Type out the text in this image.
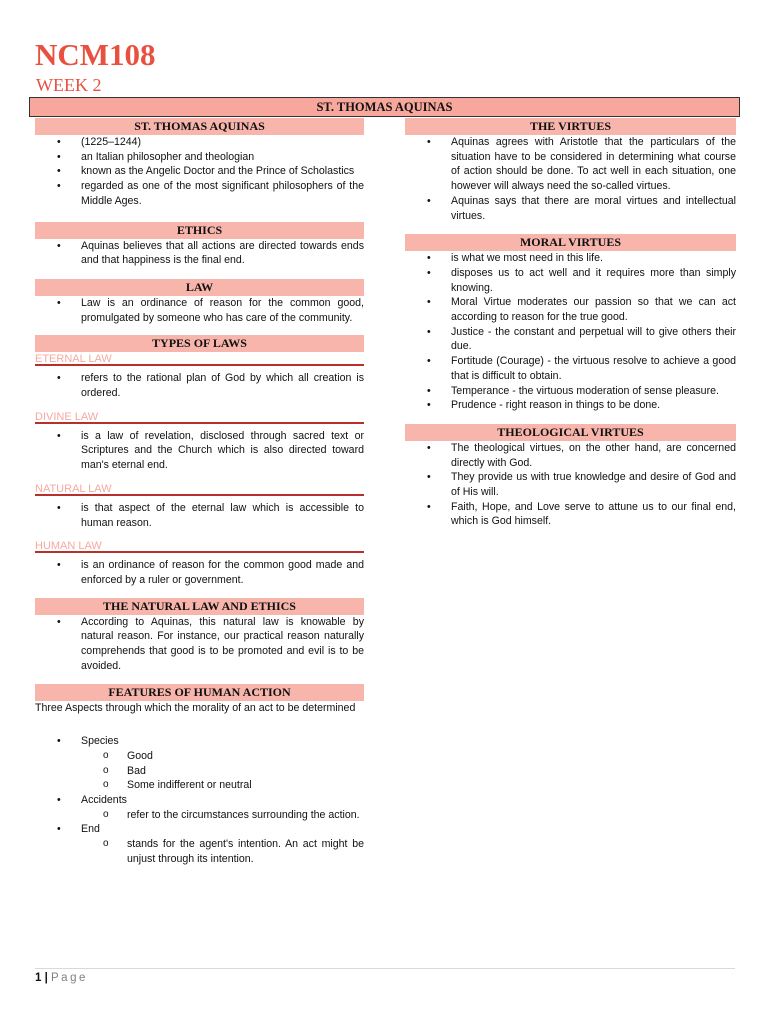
NCM108
WEEK 2
ST. THOMAS AQUINAS
ST. THOMAS AQUINAS
• (1225–1244)
• an Italian philosopher and theologian
• known as the Angelic Doctor and the Prince of Scholastics
• regarded as one of the most significant philosophers of the Middle Ages.
ETHICS
• Aquinas believes that all actions are directed towards ends and that happiness is the final end.
LAW
• Law is an ordinance of reason for the common good, promulgated by someone who has care of the community.
TYPES OF LAWS
ETERNAL LAW
• refers to the rational plan of God by which all creation is ordered.
DIVINE LAW
• is a law of revelation, disclosed through sacred text or Scriptures and the Church which is also directed toward man's eternal end.
NATURAL LAW
• is that aspect of the eternal law which is accessible to human reason.
HUMAN LAW
• is an ordinance of reason for the common good made and enforced by a ruler or government.
THE NATURAL LAW AND ETHICS
• According to Aquinas, this natural law is knowable by natural reason. For instance, our practical reason naturally comprehends that good is to be promoted and evil is to be avoided.
FEATURES OF HUMAN ACTION

Three Aspects through which the morality of an act to be determined

• Species
o Good
o Bad
o Some indifferent or neutral
• Accidents
o refer to the circumstances surrounding the action.
• End
o stands for the agent's intention. An act might be unjust through its intention.
THE VIRTUES
• Aquinas agrees with Aristotle that the particulars of the situation have to be considered in determining what course of action should be done. To act well in each situation, one however will always need the so-called virtues.
• Aquinas says that there are moral virtues and intellectual virtues.
MORAL VIRTUES
• is what we most need in this life.
• disposes us to act well and it requires more than simply knowing.
• Moral Virtue moderates our passion so that we can act according to reason for the true good.
• Justice - the constant and perpetual will to give others their due.
• Fortitude (Courage) - the virtuous resolve to achieve a good that is difficult to obtain.
• Temperance - the virtuous moderation of sense pleasure.
• Prudence - right reason in things to be done.
THEOLOGICAL VIRTUES
• The theological virtues, on the other hand, are concerned directly with God.
• They provide us with true knowledge and desire of God and of His will.
• Faith, Hope, and Love serve to attune us to our final end, which is God himself.
1 | Page
